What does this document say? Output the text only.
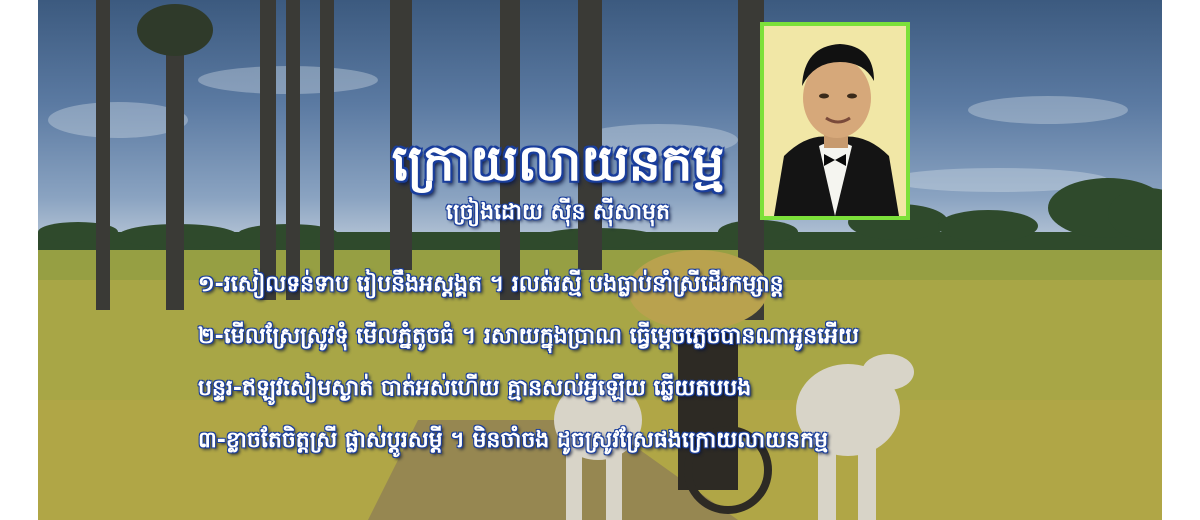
ក្រោយលាយនកម្ម
ច្រៀងដោយ ស៊ីន ស៊ីសាមុត
១-រសៀលទន់ទាប រៀបនឹងអស្តង្គត ។ រលត់រស្មី បងធ្លាប់នាំស្រីដើរកម្សាន្ត
២-មើលស្រែស្រូវទុំ មើលភ្នំតូចធំ ។ រសាយក្នុងប្រាណ ធ្វើម្តេចភ្លេចបានណាអូនអើយ
បន្ទរ-ឥឡូវសៀមស្ងាត់ បាត់អស់ហើយ គ្មានសល់អ្វីឡើយ ឆ្លើយតបបង
៣-ខ្លាចតែចិត្តស្រី ផ្លាស់ប្តូរសម្តី ។ មិនចាំចង ដូចស្រូវស្រែផងក្រោយលាយនកម្ម
